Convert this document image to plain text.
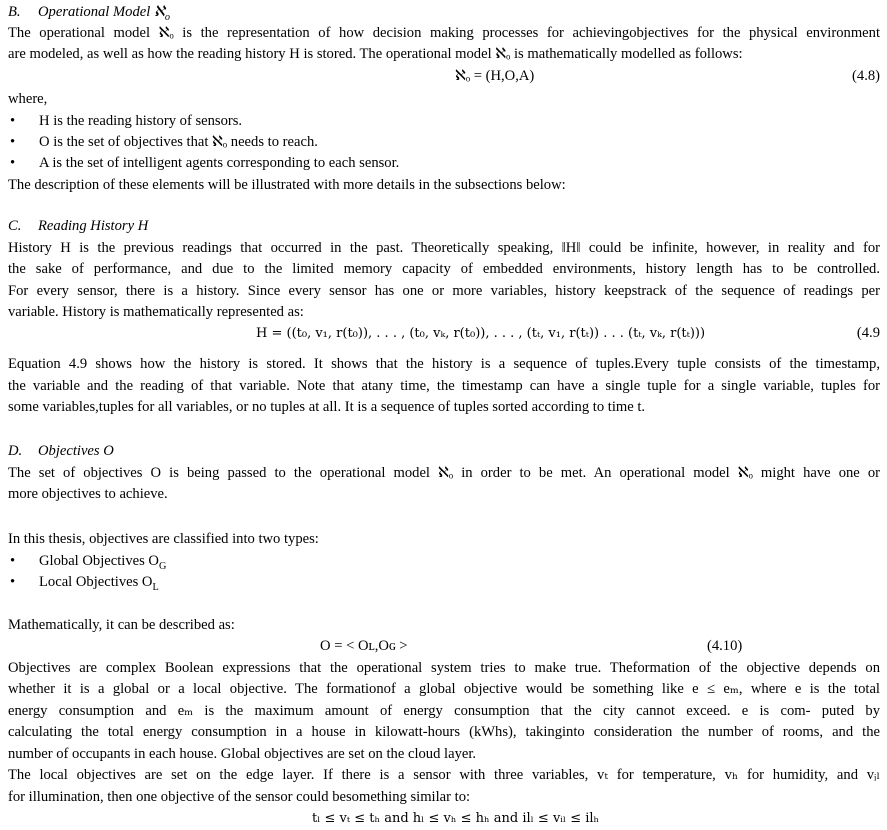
B. Operational Model ℵ$_o$
The operational model ℵₒ is the representation of how decision making processes for achievingobjectives for the physical environment
are modeled, as well as how the reading history H is stored. The operational model ℵₒ is mathematically modelled as follows:
ℵₒ = (H,O,A)	(4.8)
where,
• H is the reading history of sensors.
• O is the set of objectives that ℵₒ needs to reach.
• A is the set of intelligent agents corresponding to each sensor.
The description of these elements will be illustrated with more details in the subsections below:
C. Reading History H
History H is the previous readings that occurred in the past. Theoretically speaking, ǁHǁ could be infinite, however, in reality and for
the sake of performance, and due to the limited memory capacity of embedded environments, history length has to be controlled.
For every sensor, there is a history. Since every sensor has one or more variables, history keepstrack of the sequence of readings per
variable. History is mathematically represented as:
H = ((t₀, v₁, r(t₀)), . . . , (t₀, vₖ, r(t₀)), . . . , (tₜ, v₁, r(tₜ)) . . . (tₜ, vₖ, r(tₜ)))	(4.9
Equation 4.9 shows how the history is stored. It shows that the history is a sequence of tuples.Every tuple consists of the timestamp,
the variable and the reading of that variable. Note that atany time, the timestamp can have a single tuple for a single variable, tuples for
some variables,tuples for all variables, or no tuples at all. It is a sequence of tuples sorted according to time t.
D. Objectives O
The set of objectives O is being passed to the operational model ℵₒ in order to be met. An operational model ℵₒ might have one or
more objectives to achieve.
In this thesis, objectives are classified into two types:
• Global Objectives $O_G$
• Local Objectives $O_L$
Mathematically, it can be described as:
O = < Oʟ,Oɢ >	(4.10)
Objectives are complex Boolean expressions that the operational system tries to make true. Theformation of the objective depends on
whether it is a global or a local objective. The formationof a global objective would be something like e ≤ eₘ, where e is the total
energy consumption and eₘ is the maximum amount of energy consumption that the city cannot exceed. e is com- puted by
calculating the total energy consumption in a house in kilowatt-hours (kWhs), takinginto consideration the number of rooms, and the
number of occupants in each house. Global objectives are set on the cloud layer.
The local objectives are set on the edge layer. If there is a sensor with three variables, vₜ for temperature, vₕ for humidity, and vᵢₗ
for illumination, then one objective of the sensor could besomething similar to:
tₗ ≤ vₜ ≤ tₕ and hₗ ≤ vₕ ≤ hₕ and ilₗ ≤ vᵢₗ ≤ ilₕ
